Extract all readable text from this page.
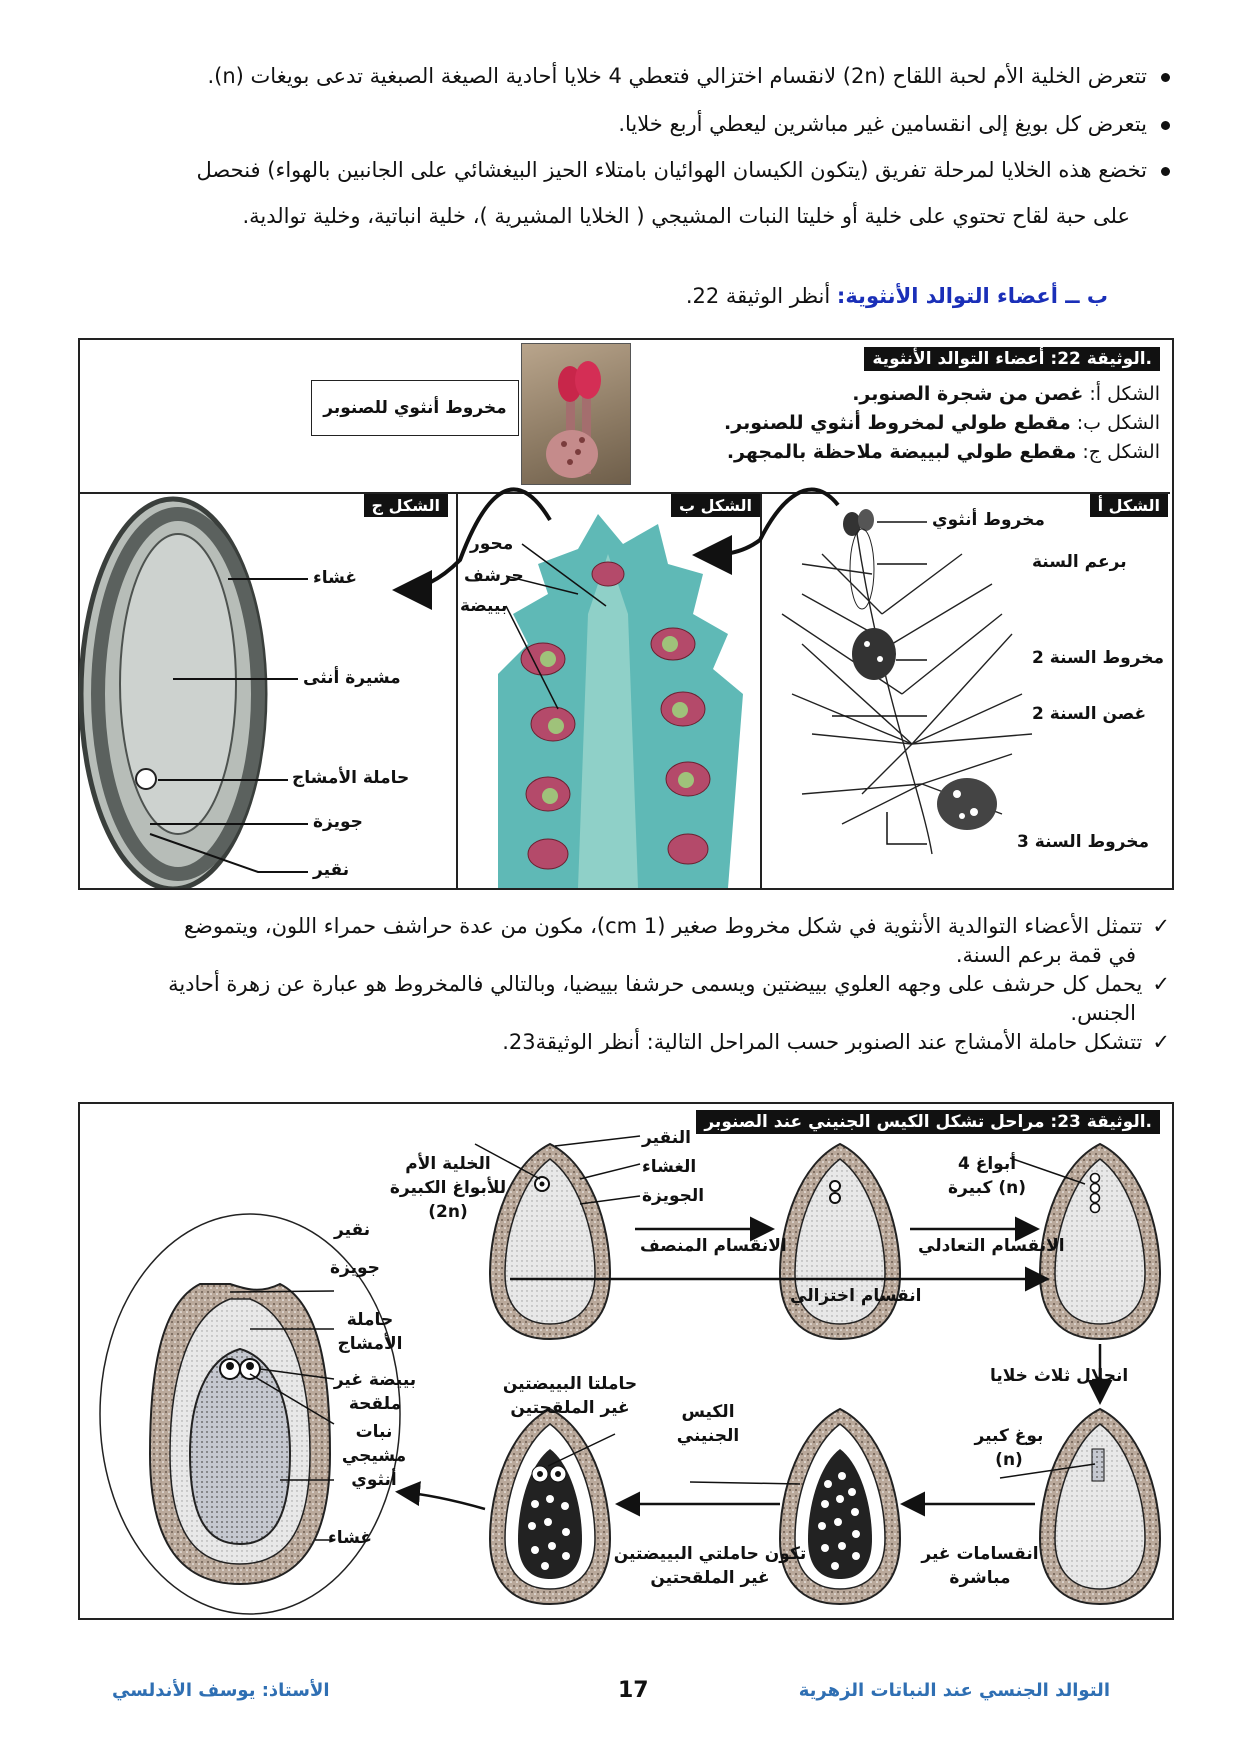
تتعرض الخلية الأم لحبة اللقاح (2n) لانقسام اختزالي فتعطي 4 خلايا أحادية الصيغة الصبغية تدعى بويغات (n).
يتعرض كل بويغ إلى انقسامين غير مباشرين ليعطي أربع خلايا.
تخضع هذه الخلايا لمرحلة تفريق (يتكون الكيسان الهوائيان بامتلاء الحيز البيغشائي على الجانبين بالهواء) فنحصل
على حبة لقاح تحتوي على خلية أو خليتا النبات المشيجي ( الخلايا المشيرية )، خلية انباتية، وخلية توالدية.
ب ــ أعضاء التوالد الأنثوية: أنظر الوثيقة 22.
الوثيقة 22: أعضاء التوالد الأنثوية.
الشكل أ: غصن من شجرة الصنوبر.
الشكل ب: مقطع طولي لمخروط أنثوي للصنوبر.
الشكل ج: مقطع طولي لبييضة ملاحظة بالمجهر.
مخروط أنثوي للصنوبر
الشكل أ
مخروط أنثوي
برعم السنة
مخروط السنة 2
غصن السنة 2
مخروط السنة 3
الشكل ب
محور
حرشف
بييضة
الشكل ج
غشاء
مشيرة أنثى
حاملة الأمشاج
جويزة
نقير
✓تتمثل الأعضاء التوالدية الأنثوية في شكل مخروط صغير (1 cm)، مكون من عدة حراشف حمراء اللون، ويتموضع
في قمة برعم السنة.
✓يحمل كل حرشف على وجهه العلوي بييضتين ويسمى حرشفا بييضيا، وبالتالي فالمخروط هو عبارة عن زهرة أحادية
الجنس.
✓تتشكل حاملة الأمشاج عند الصنوبر حسب المراحل التالية: أنظر الوثيقة23.
الوثيقة 23: مراحل تشكل الكيس الجنيني عند الصنوبر.
النقير
الغشاء
الجويزة
الخلية الأم للأبواغ الكبيرة (2n)
4 أبواغ كبيرة (n)
الانقسام المنصف	الانقسام التعادلي
انقسام اختزالي
انحلال ثلاث خلايا
بوغ كبير (n)
انقسامات غير مباشرة
الكيس الجنيني
تكون حاملتي البييضتين غير الملقحتين
حاملتا البييضتين غير الملقحتين
نقير
جويزة
حاملة الأمشاج
بييضة غير ملقحة
نبات مشيجي أنثوي
غشاء
التوالد الجنسي عند النباتات الزهرية
17
الأستاذ: يوسف الأندلسي
